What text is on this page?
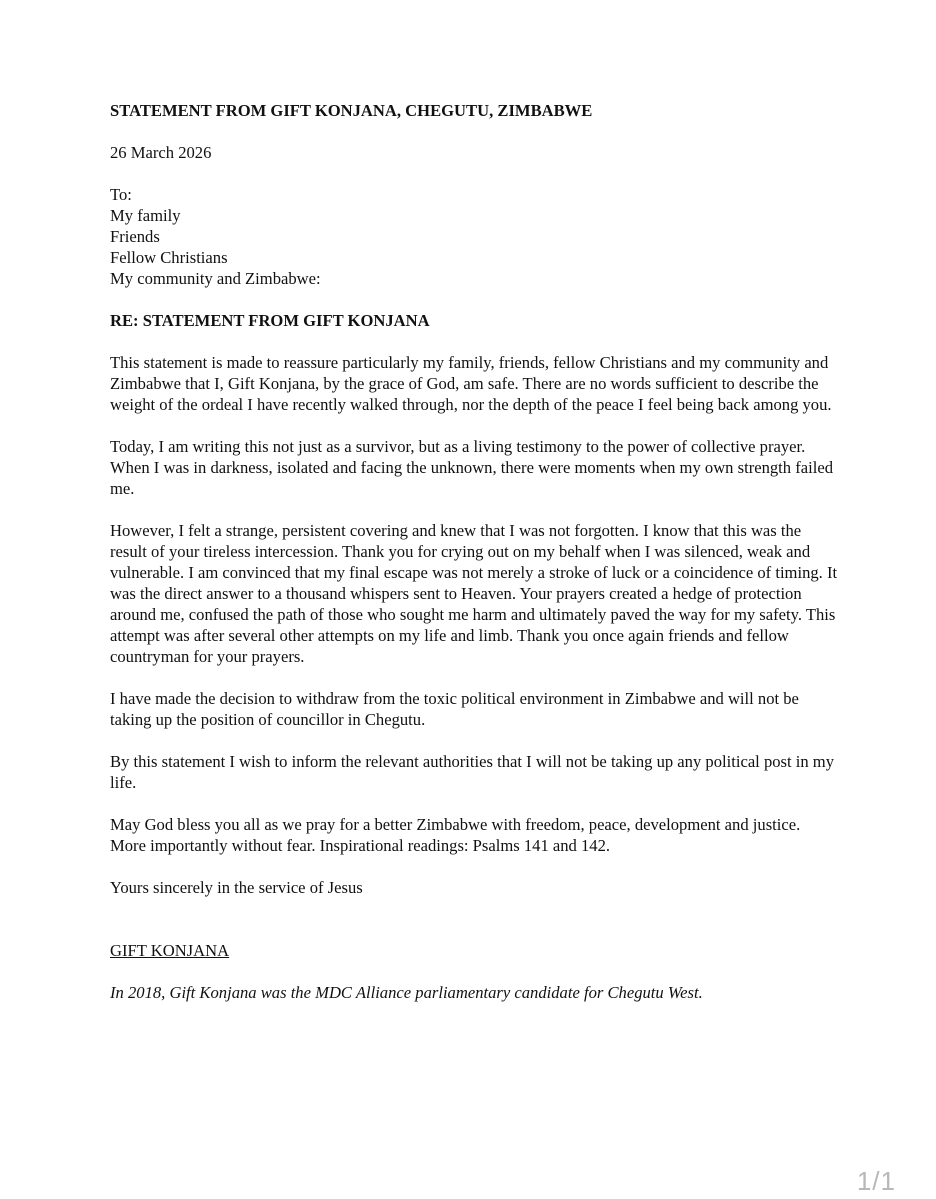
STATEMENT FROM GIFT KONJANA, CHEGUTU, ZIMBABWE

26 March 2026

To:
My family
Friends
Fellow Christians
My community and Zimbabwe:

RE: STATEMENT FROM GIFT KONJANA

This statement is made to reassure particularly my family, friends, fellow Christians and my community and Zimbabwe that I, Gift Konjana, by the grace of God, am safe. There are no words sufficient to describe the weight of the ordeal I have recently walked through, nor the depth of the peace I feel being back among you.

Today, I am writing this not just as a survivor, but as a living testimony to the power of collective prayer. When I was in darkness, isolated and facing the unknown, there were moments when my own strength failed me.

However, I felt a strange, persistent covering and knew that I was not forgotten. I know that this was the result of your tireless intercession. Thank you for crying out on my behalf when I was silenced, weak and vulnerable. I am convinced that my final escape was not merely a stroke of luck or a coincidence of timing. It was the direct answer to a thousand whispers sent to Heaven. Your prayers created a hedge of protection around me, confused the path of those who sought me harm and ultimately paved the way for my safety. This attempt was after several other attempts on my life and limb. Thank you once again friends and fellow countryman for your prayers.

I have made the decision to withdraw from the toxic political environment in Zimbabwe and will not be taking up the position of councillor in Chegutu.

By this statement I wish to inform the relevant authorities that I will not be taking up any political post in my life.

May God bless you all as we pray for a better Zimbabwe with freedom, peace, development and justice. More importantly without fear. Inspirational readings: Psalms 141 and 142.

Yours sincerely in the service of Jesus

GIFT KONJANA

In 2018, Gift Konjana was the MDC Alliance parliamentary candidate for Chegutu West.

1/1
